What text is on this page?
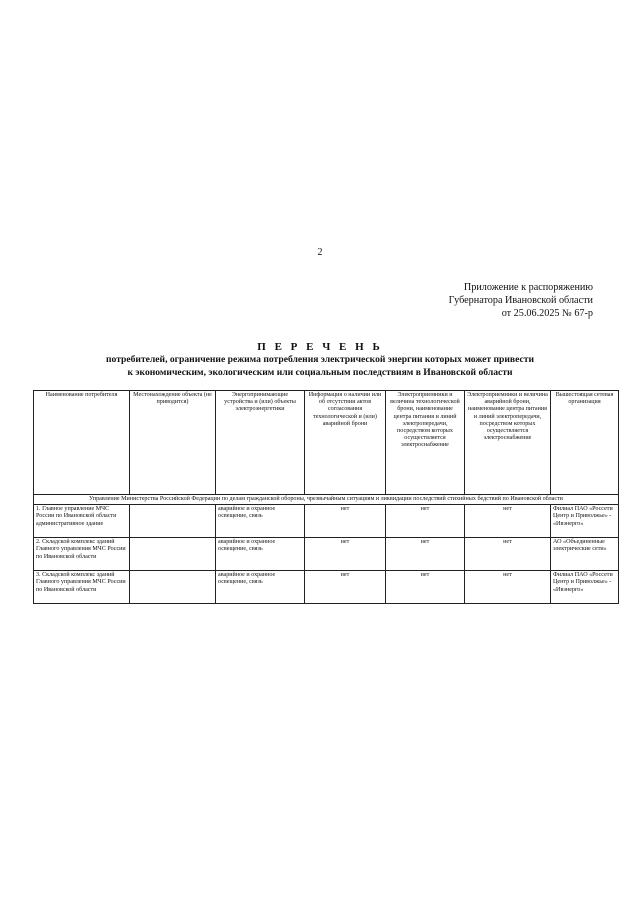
2
Приложение к распоряжению
Губернатора Ивановской области
от 25.06.2025 № 67-р
П Е Р Е Ч Е Н Ь
потребителей, ограничение режима потребления электрической энергии которых может привести
к экономическим, экологическим или социальным последствиям в Ивановской области
Наименование потребителя	Местонахождение объекта (не приводится)	Энергопринимающие устройства и (или) объекты электроэнергетики	Информация о наличии или об отсутствии актов согласования технологической и (или) аварийной брони	Электроприемники и величина технологической брони, наименование центра питания и линий электропередачи, посредством которых осуществляется электроснабжение	Электроприемники и величина аварийной брони, наименование центра питания и линий электропередачи, посредством которых осуществляется электроснабжение	Вышестоящая сетевая организация
Управление Министерства Российской Федерации по делам гражданской обороны, чрезвычайным ситуациям и ликвидации последствий стихийных бедствий по Ивановской области						
1. Главное управление МЧС России по Ивановской области административное здание		аварийное и охранное освещение, связь	нет	нет	нет	Филиал ПАО «Россети Центр и Приволжье» - «Ивэнерго»
2. Складской комплекс зданий Главного управления МЧС России по Ивановской области		аварийное и охранное освещение, связь	нет	нет	нет	АО «Объединенные электрические сети»
3. Складской комплекс зданий Главного управления МЧС России по Ивановской области		аварийное и охранное освещение, связь	нет	нет	нет	Филиал ПАО «Россети Центр и Приволжье» - «Ивэнерго»
